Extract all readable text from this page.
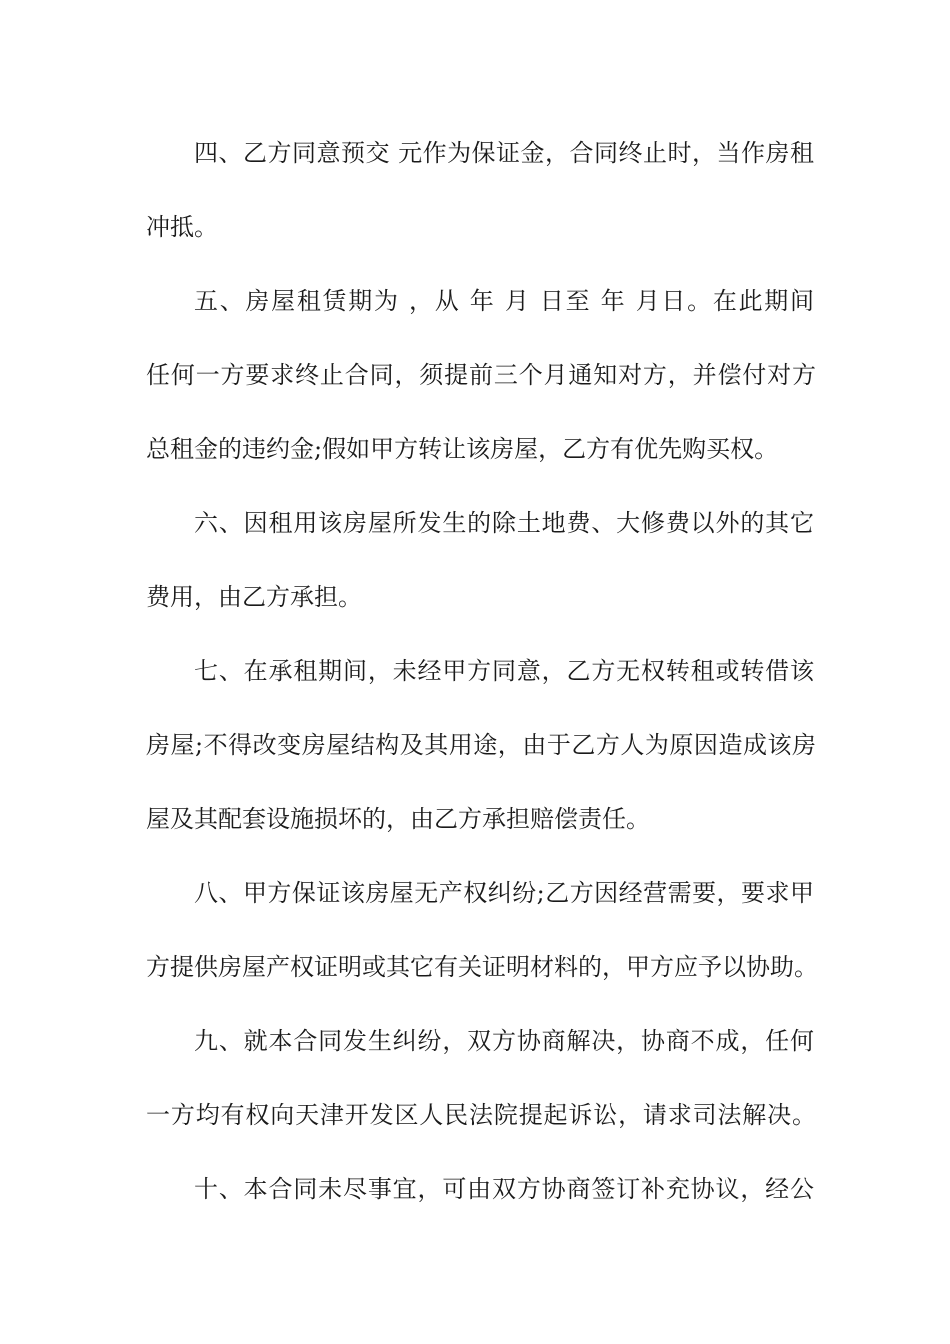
四、乙方同意预交 元作为保证金，合同终止时，当作房租
冲抵。
五、房屋租赁期为 ，从 年 月 日至 年 月日。在此期间
任何一方要求终止合同，须提前三个月通知对方，并偿付对方
总租金的违约金;假如甲方转让该房屋，乙方有优先购买权。
六、因租用该房屋所发生的除土地费、大修费以外的其它
费用，由乙方承担。
七、在承租期间，未经甲方同意，乙方无权转租或转借该
房屋;不得改变房屋结构及其用途，由于乙方人为原因造成该房
屋及其配套设施损坏的，由乙方承担赔偿责任。
八、甲方保证该房屋无产权纠纷;乙方因经营需要，要求甲
方提供房屋产权证明或其它有关证明材料的，甲方应予以协助。
九、就本合同发生纠纷，双方协商解决，协商不成，任何
一方均有权向天津开发区人民法院提起诉讼，请求司法解决。
十、本合同未尽事宜，可由双方协商签订补充协议，经公
